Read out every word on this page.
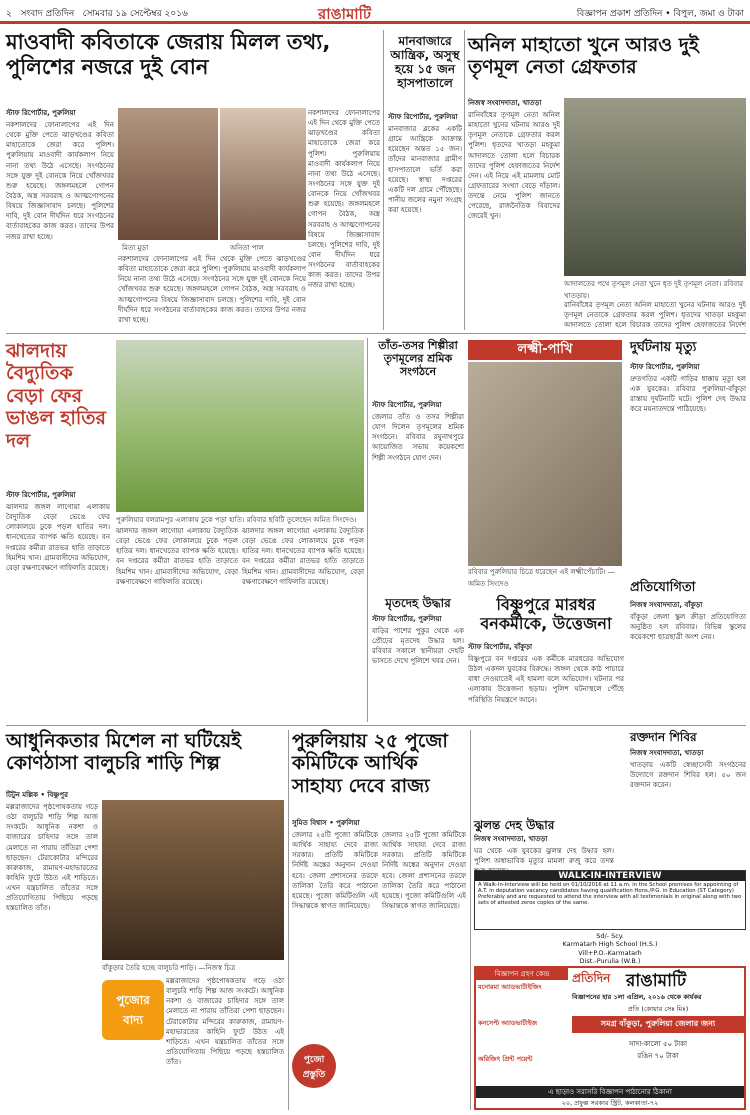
২ সংবাদ প্রতিদিন সোমবার ১৯ সেপ্টেম্বর ২০১৬	রাঙামাটি	বিজ্ঞাপন প্রকাশ প্রতিদিন • বিপুল, জমা ও টাকা
মাওবাদী কবিতাকে জেরায় মিলল তথ্য, পুলিশের নজরে দুই বোন
মিতা মুড়া	অনিতা পাল
স্টাফ রিপোর্টার, পুরুলিয়া
নকশালদের ফোনালাপের এই দিন থেকে মুক্তি পেতে ঝাড়খণ্ডের কবিতা মাহাতোকে জেরা করে পুলিশ। পুরুলিয়ায় মাওবাদী কার্যকলাপ নিয়ে নানা তথ্য উঠে এসেছে। সংগঠনের সঙ্গে যুক্ত দুই বোনকে নিয়ে খোঁজখবর শুরু হয়েছে। জঙ্গলমহলে গোপন বৈঠক, অস্ত্র সরবরাহ ও আত্মগোপনের বিষয়ে জিজ্ঞাসাবাদ চলছে। পুলিশের দাবি, দুই বোন দীর্ঘদিন ধরে সংগঠনের বার্তাবাহকের কাজ করত। তাদের উপর নজর রাখা হচ্ছে।
নকশালদের ফোনালাপের এই দিন থেকে মুক্তি পেতে ঝাড়খণ্ডের কবিতা মাহাতোকে জেরা করে পুলিশ। পুরুলিয়ায় মাওবাদী কার্যকলাপ নিয়ে নানা তথ্য উঠে এসেছে। সংগঠনের সঙ্গে যুক্ত দুই বোনকে নিয়ে খোঁজখবর শুরু হয়েছে। জঙ্গলমহলে গোপন বৈঠক, অস্ত্র সরবরাহ ও আত্মগোপনের বিষয়ে জিজ্ঞাসাবাদ চলছে। পুলিশের দাবি, দুই বোন দীর্ঘদিন ধরে সংগঠনের বার্তাবাহকের কাজ করত। তাদের উপর নজর রাখা হচ্ছে।
নকশালদের ফোনালাপের এই দিন থেকে মুক্তি পেতে ঝাড়খণ্ডের কবিতা মাহাতোকে জেরা করে পুলিশ। পুরুলিয়ায় মাওবাদী কার্যকলাপ নিয়ে নানা তথ্য উঠে এসেছে। সংগঠনের সঙ্গে যুক্ত দুই বোনকে নিয়ে খোঁজখবর শুরু হয়েছে। জঙ্গলমহলে গোপন বৈঠক, অস্ত্র সরবরাহ ও আত্মগোপনের বিষয়ে জিজ্ঞাসাবাদ চলছে। পুলিশের দাবি, দুই বোন দীর্ঘদিন ধরে সংগঠনের বার্তাবাহকের কাজ করত। তাদের উপর নজর রাখা হচ্ছে।
মানবাজারে আন্ত্রিক, অসুস্থ হয়ে ১৫ জন হাসপাতালে
স্টাফ রিপোর্টার, পুরুলিয়া
মানবাজার ব্লকের একটি গ্রামে আন্ত্রিকে আক্রান্ত হয়েছেন অন্তত ১৫ জন। তাঁদের মানবাজার গ্রামীণ হাসপাতালে ভর্তি করা হয়েছে। স্বাস্থ্য দপ্তরের একটি দল গ্রামে পৌঁছেছে। পানীয় জলের নমুনা সংগ্রহ করা হয়েছে।
অনিল মাহাতো খুনে আরও দুই তৃণমূল নেতা গ্রেফতার
নিজস্ব সংবাদদাতা, খাতড়া
রানিবাঁধের তৃণমূল নেতা অনিল মাহাতো খুনের ঘটনায় আরও দুই তৃণমূল নেতাকে গ্রেফতার করল পুলিশ। ধৃতদের খাতড়া মহকুমা আদালতে তোলা হলে বিচারক তাদের পুলিশ হেফাজতের নির্দেশ দেন। এই নিয়ে এই মামলায় মোট গ্রেফতারের সংখ্যা বেড়ে দাঁড়াল। তদন্তে নেমে পুলিশ জানতে পেরেছে, রাজনৈতিক বিবাদের জেরেই খুন।
আদালতের পথে তৃণমূল নেতা খুনে ধৃত দুই তৃণমূল নেতা। রবিবার খাতড়ায়।
রানিবাঁধের তৃণমূল নেতা অনিল মাহাতো খুনের ঘটনায় আরও দুই তৃণমূল নেতাকে গ্রেফতার করল পুলিশ। ধৃতদের খাতড়া মহকুমা আদালতে তোলা হলে বিচারক তাদের পুলিশ হেফাজতের নির্দেশ
ঝালদায় বৈদ্যুতিক বেড়া ফের ভাঙল হাতির দল
পুরুলিয়ার বলরামপুর এলাকায় ঢুকে পড়া হাতি। রবিবার ছবিটি তুলেছেন অমিত সিংদেও।
স্টাফ রিপোর্টার, পুরুলিয়া
ঝালদার জঙ্গল লাগোয়া এলাকায় বৈদ্যুতিক বেড়া ভেঙে ফের লোকালয়ে ঢুকে পড়ল হাতির দল। ধানখেতের ব্যাপক ক্ষতি হয়েছে। বন দপ্তরের কর্মীরা রাতভর হাতি তাড়াতে হিমশিম খান। গ্রামবাসীদের অভিযোগ, বেড়া রক্ষণাবেক্ষণে গাফিলতি রয়েছে।
ঝালদার জঙ্গল লাগোয়া এলাকায় বৈদ্যুতিক বেড়া ভেঙে ফের লোকালয়ে ঢুকে পড়ল হাতির দল। ধানখেতের ব্যাপক ক্ষতি হয়েছে। বন দপ্তরের কর্মীরা রাতভর হাতি তাড়াতে হিমশিম খান। গ্রামবাসীদের অভিযোগ, বেড়া রক্ষণাবেক্ষণে গাফিলতি রয়েছে।
ঝালদার জঙ্গল লাগোয়া এলাকায় বৈদ্যুতিক বেড়া ভেঙে ফের লোকালয়ে ঢুকে পড়ল হাতির দল। ধানখেতের ব্যাপক ক্ষতি হয়েছে। বন দপ্তরের কর্মীরা রাতভর হাতি তাড়াতে হিমশিম খান। গ্রামবাসীদের অভিযোগ, বেড়া রক্ষণাবেক্ষণে গাফিলতি রয়েছে।
তাঁত-তসর শিল্পীরা তৃণমূলের শ্রমিক সংগঠনে
স্টাফ রিপোর্টার, পুরুলিয়া
জেলার তাঁত ও তসর শিল্পীরা যোগ দিলেন তৃণমূলের শ্রমিক সংগঠনে। রবিবার রঘুনাথপুরে আয়োজিত সভায় কয়েকশো শিল্পী সংগঠনে যোগ দেন।
মৃতদেহ উদ্ধার
স্টাফ রিপোর্টার, পুরুলিয়া
বাড়ির পাশের পুকুর থেকে এক প্রৌঢ়ের মৃতদেহ উদ্ধার হল। রবিবার সকালে স্থানীয়রা দেহটি ভাসতে দেখে পুলিশে খবর দেন।
লক্ষ্মী-পাখি
রবিবার পুরুলিয়ার চিত্রে ধরেছেন এই লক্ষ্মীপেঁচাটি। —অমিত সিংদেও
দুর্ঘটনায় মৃত্যু
স্টাফ রিপোর্টার, পুরুলিয়া
দ্রুতগতির একটি গাড়ির ধাক্কায় মৃত্যু হল এক যুবকের। রবিবার পুরুলিয়া-বাঁকুড়া রাস্তায় দুর্ঘটনাটি ঘটে। পুলিশ দেহ উদ্ধার করে ময়নাতদন্তে পাঠিয়েছে।
বিষ্ণুপুরে মারধর বনকর্মীকে, উত্তেজনা
স্টাফ রিপোর্টার, বাঁকুড়া
বিষ্ণুপুরে বন দপ্তরের এক কর্মীকে মারধরের অভিযোগ উঠল একদল যুবকের বিরুদ্ধে। জঙ্গল থেকে কাঠ পাচারে বাধা দেওয়াতেই এই হামলা বলে অভিযোগ। ঘটনার পর এলাকায় উত্তেজনা ছড়ায়। পুলিশ ঘটনাস্থলে পৌঁছে পরিস্থিতি নিয়ন্ত্রণে আনে।
প্রতিযোগিতা
নিজস্ব সংবাদদাতা, বাঁকুড়া
বাঁকুড়া জেলা স্কুল ক্রীড়া প্রতিযোগিতা অনুষ্ঠিত হল রবিবার। বিভিন্ন স্কুলের কয়েকশো ছাত্রছাত্রী অংশ নেয়।
আধুনিকতার মিশেল না ঘটিয়েই কোণঠাসা বালুচরি শাড়ি শিল্প
টিটুন মল্লিক • বিষ্ণুপুর
মল্লরাজাদের পৃষ্ঠপোষকতায় গড়ে ওঠা বালুচরি শাড়ি শিল্প আজ সংকটে। আধুনিক নকশা ও বাজারের চাহিদার সঙ্গে তাল মেলাতে না পারায় তাঁতিরা পেশা ছাড়ছেন। টেরাকোটার মন্দিরের কারুকাজ, রামায়ণ-মহাভারতের কাহিনি ফুটে উঠত এই শাড়িতে। এখন যন্ত্রচালিত তাঁতের সঙ্গে প্রতিযোগিতায় পিছিয়ে পড়ছে হস্তচালিত তাঁত।
বাঁকুড়ার তৈরি হচ্ছে বালুচরি শাড়ি। —নিজস্ব চিত্র
পুজোর
বাদ্য
মল্লরাজাদের পৃষ্ঠপোষকতায় গড়ে ওঠা বালুচরি শাড়ি শিল্প আজ সংকটে। আধুনিক নকশা ও বাজারের চাহিদার সঙ্গে তাল মেলাতে না পারায় তাঁতিরা পেশা ছাড়ছেন। টেরাকোটার মন্দিরের কারুকাজ, রামায়ণ-মহাভারতের কাহিনি ফুটে উঠত এই শাড়িতে। এখন যন্ত্রচালিত তাঁতের সঙ্গে প্রতিযোগিতায় পিছিয়ে পড়ছে হস্তচালিত তাঁত।
পুরুলিয়ায় ২৫ পুজো কমিটিকে আর্থিক সাহায্য দেবে রাজ্য
সুমিত বিশ্বাস • পুরুলিয়া
জেলার ২৫টি পুজো কমিটিকে আর্থিক সাহায্য দেবে রাজ্য সরকার। প্রতিটি কমিটিকে নির্দিষ্ট অঙ্কের অনুদান দেওয়া হবে। জেলা প্রশাসনের তরফে তালিকা তৈরি করে পাঠানো হয়েছে। পুজো কমিটিগুলি এই সিদ্ধান্তকে স্বাগত জানিয়েছে।
পুজো
প্রস্তুতি
জেলার ২৫টি পুজো কমিটিকে আর্থিক সাহায্য দেবে রাজ্য সরকার। প্রতিটি কমিটিকে নির্দিষ্ট অঙ্কের অনুদান দেওয়া হবে। জেলা প্রশাসনের তরফে তালিকা তৈরি করে পাঠানো হয়েছে। পুজো কমিটিগুলি এই সিদ্ধান্তকে স্বাগত জানিয়েছে।
ঝুলন্ত দেহ উদ্ধার
নিজস্ব সংবাদদাতা, খাতড়া
ঘর থেকে এক যুবকের ঝুলন্ত দেহ উদ্ধার হল। পুলিশ অস্বাভাবিক মৃত্যুর মামলা রুজু করে তদন্ত
রক্তদান শিবির
নিজস্ব সংবাদদাতা, খাতড়া
খাতড়ায় একটি স্বেচ্ছাসেবী সংগঠনের উদ্যোগে রক্তদান শিবির হল। ৫০ জন রক্তদান করেন।
WALK-IN-INTERVIEW
A Walk-In-Interview will be held on 01/10/2016 at 11 a.m. in the School premises for appointing of A.T. in deputation vacancy candidates having qualification Hons./P.G. in Education (ST Category) Preferably and are requested to attend the interview with all testimonials in original along with two sets of attested zerox copies of the same.
Sd/- Scy.
Karmatarh High School (H.S.)
Vill+P.O.-Karmatarh
Dist.-Purulia (W.B.)
বিজ্ঞাপন গ্রহণ কেন্দ্র
মনোরমা অ্যাডভার্টাইজিং
কনসেপ্ট অ্যাডভার্টাইজ
অরিজিৎ প্রিন্ট পয়েন্ট
প্রতিদিন রাঙামাটি
বিজ্ঞাপনের হার ১লা এপ্রিল, ২০১৬ থেকে কার্যকর
প্রতি (কোয়ার সেঃ মিঃ)
সমগ্র বাঁকুড়া, পুরুলিয়া জেলার জন্য
সাদা-কালো ৫০ টাকা
রঙিন ৭০ টাকা
এ ছাড়াও সরাসরি বিজ্ঞাপন পাঠানোর ঠিকানা
২০, প্রফুল্ল সরকার স্ট্রিট, কলকাতা-৭২
